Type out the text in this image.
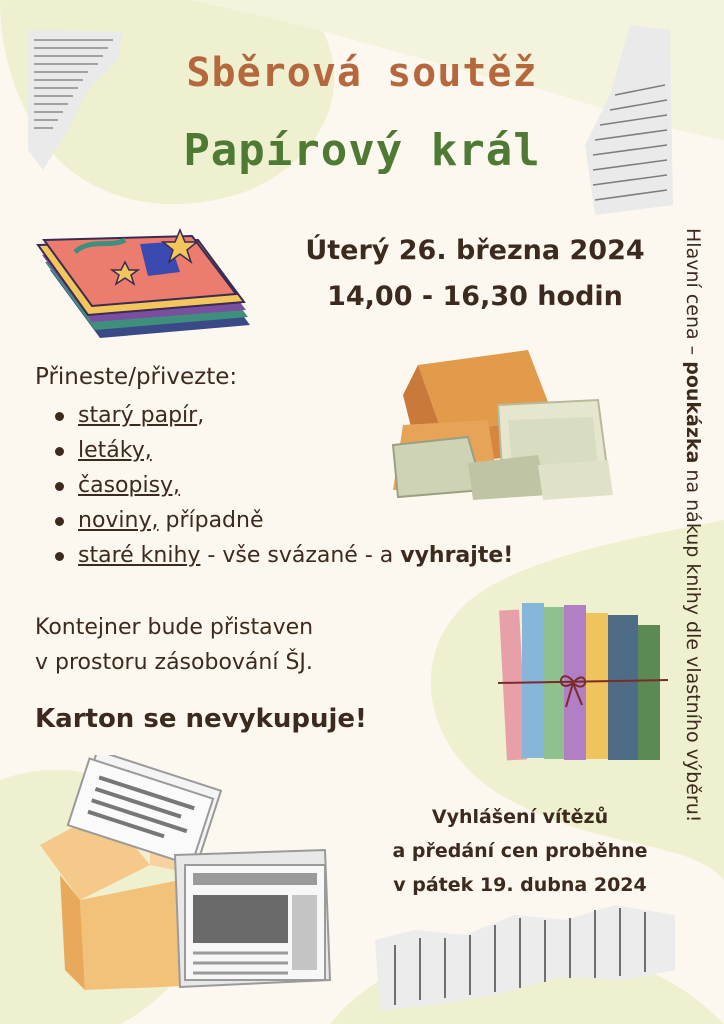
Sběrová soutěž
Papírový král
Úterý 26. března 2024
14,00 - 16,30 hodin
Přineste/přivezte:
starý papír,
letáky,
časopisy,
noviny, případně
staré knihy - vše svázané - a vyhrajte!
Kontejner bude přistaven
v prostoru zásobování ŠJ.
Karton se nevykupuje!
Vyhlášení vítězů
a předání cen proběhne
v pátek 19. dubna 2024
Hlavní cena – poukázka na nákup knihy dle vlastního výběru!
